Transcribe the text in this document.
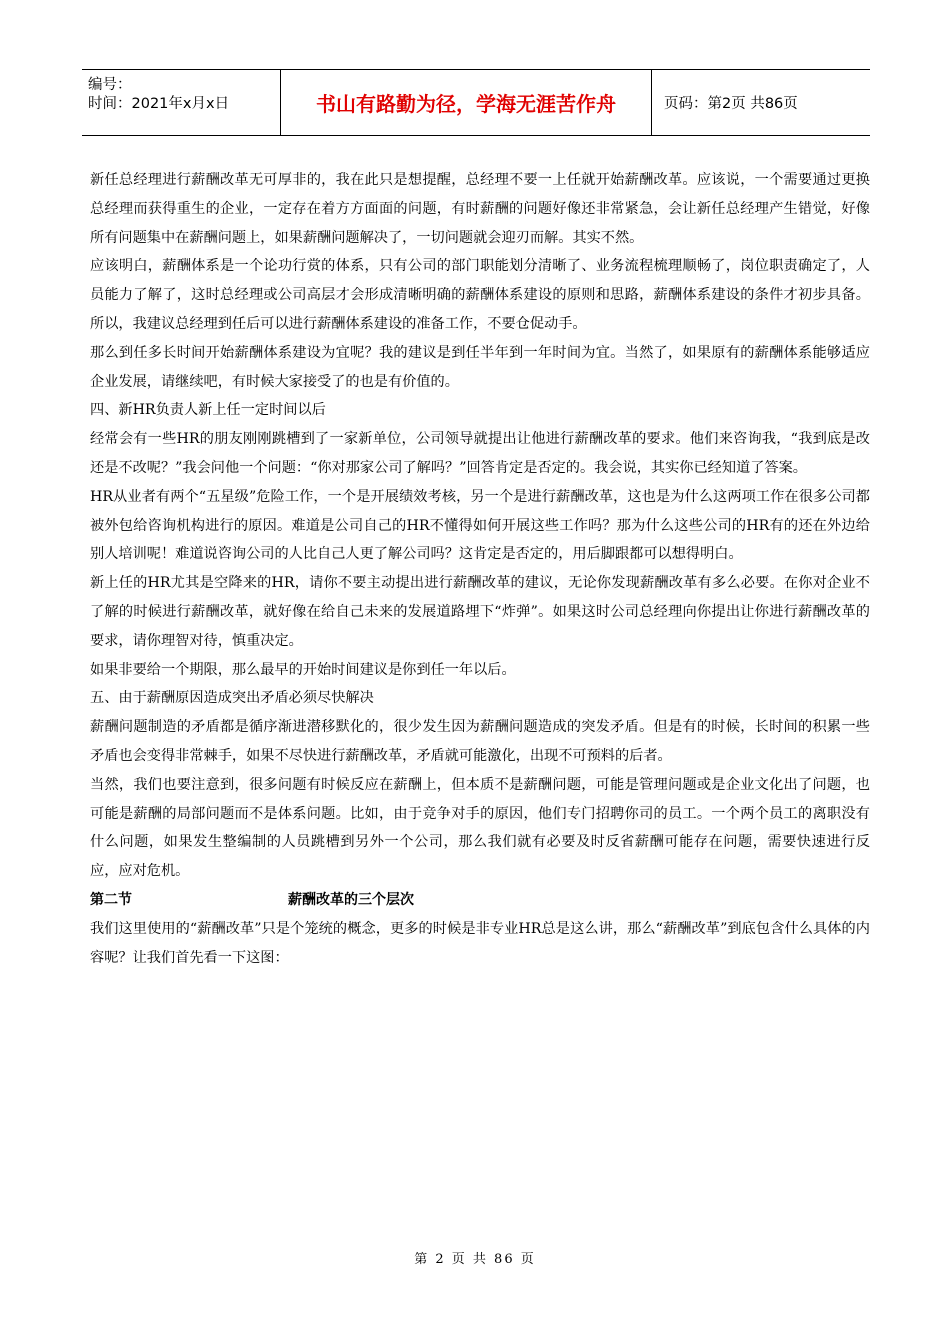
编号：
时间：2021年x月x日	书山有路勤为径，学海无涯苦作舟	页码：第2页 共86页

新任总经理进行薪酬改革无可厚非的，我在此只是想提醒，总经理不要一上任就开始薪酬改革。应该说，一个需要通过更换总经理而获得重生的企业，一定存在着方方面面的问题，有时薪酬的问题好像还非常紧急，会让新任总经理产生错觉，好像所有问题集中在薪酬问题上，如果薪酬问题解决了，一切问题就会迎刃而解。其实不然。

应该明白，薪酬体系是一个论功行赏的体系，只有公司的部门职能划分清晰了、业务流程梳理顺畅了，岗位职责确定了，人员能力了解了，这时总经理或公司高层才会形成清晰明确的薪酬体系建设的原则和思路，薪酬体系建设的条件才初步具备。所以，我建议总经理到任后可以进行薪酬体系建设的准备工作，不要仓促动手。

那么到任多长时间开始薪酬体系建设为宜呢？我的建议是到任半年到一年时间为宜。当然了，如果原有的薪酬体系能够适应企业发展，请继续吧，有时候大家接受了的也是有价值的。

四、新HR负责人新上任一定时间以后

经常会有一些HR的朋友刚刚跳槽到了一家新单位，公司领导就提出让他进行薪酬改革的要求。他们来咨询我，“我到底是改还是不改呢？”我会问他一个问题：“你对那家公司了解吗？”回答肯定是否定的。我会说，其实你已经知道了答案。

HR从业者有两个“五星级”危险工作，一个是开展绩效考核，另一个是进行薪酬改革，这也是为什么这两项工作在很多公司都被外包给咨询机构进行的原因。难道是公司自己的HR不懂得如何开展这些工作吗？那为什么这些公司的HR有的还在外边给别人培训呢！难道说咨询公司的人比自己人更了解公司吗？这肯定是否定的，用后脚跟都可以想得明白。

新上任的HR尤其是空降来的HR，请你不要主动提出进行薪酬改革的建议，无论你发现薪酬改革有多么必要。在你对企业不了解的时候进行薪酬改革，就好像在给自己未来的发展道路埋下“炸弹”。如果这时公司总经理向你提出让你进行薪酬改革的要求，请你理智对待，慎重决定。

如果非要给一个期限，那么最早的开始时间建议是你到任一年以后。

五、由于薪酬原因造成突出矛盾必须尽快解决

薪酬问题制造的矛盾都是循序渐进潜移默化的，很少发生因为薪酬问题造成的突发矛盾。但是有的时候，长时间的积累一些矛盾也会变得非常棘手，如果不尽快进行薪酬改革，矛盾就可能激化，出现不可预料的后者。

当然，我们也要注意到，很多问题有时候反应在薪酬上，但本质不是薪酬问题，可能是管理问题或是企业文化出了问题，也可能是薪酬的局部问题而不是体系问题。比如，由于竞争对手的原因，他们专门招聘你司的员工。一个两个员工的离职没有什么问题，如果发生整编制的人员跳槽到另外一个公司，那么我们就有必要及时反省薪酬可能存在问题，需要快速进行反应，应对危机。

第二节	薪酬改革的三个层次

我们这里使用的“薪酬改革”只是个笼统的概念，更多的时候是非专业HR总是这么讲，那么“薪酬改革”到底包含什么具体的内容呢？让我们首先看一下这图：

第 2 页 共 86 页
